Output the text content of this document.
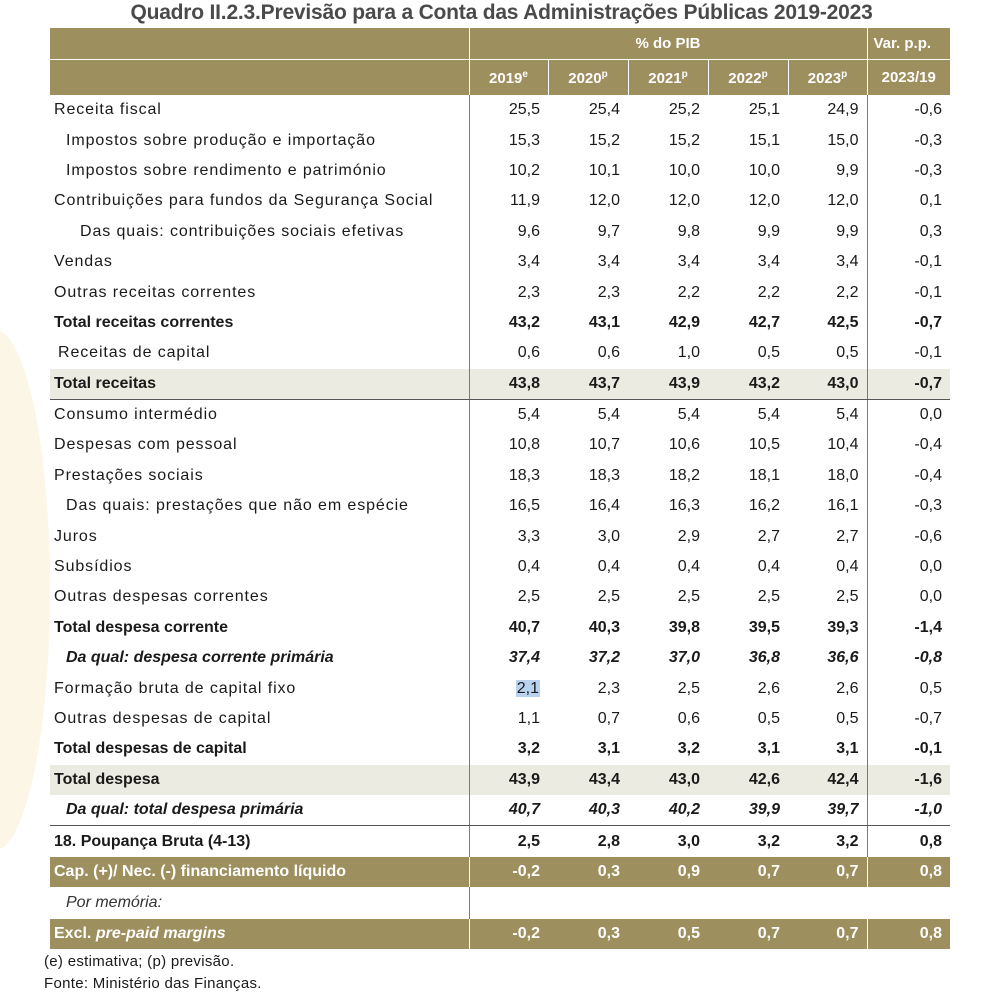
Quadro II.2.3.Previsão para a Conta das Administrações Públicas 2019-2023
	% do PIB					Var. p.p.
	2019e	2020$^p$	2021$^p$	2022$^p$	2023$^p$	2023/19
Receita fiscal	25,5	25,4	25,2	25,1	24,9	-0,6
Impostos sobre produção e importação	15,3	15,2	15,2	15,1	15,0	-0,3
Impostos sobre rendimento e património	10,2	10,1	10,0	10,0	9,9	-0,3
Contribuições para fundos da Segurança Social	11,9	12,0	12,0	12,0	12,0	0,1
Das quais: contribuições sociais efetivas	9,6	9,7	9,8	9,9	9,9	0,3
Vendas	3,4	3,4	3,4	3,4	3,4	-0,1
Outras receitas correntes	2,3	2,3	2,2	2,2	2,2	-0,1
Total receitas correntes	43,2	43,1	42,9	42,7	42,5	-0,7
Receitas de capital	0,6	0,6	1,0	0,5	0,5	-0,1
Total receitas	43,8	43,7	43,9	43,2	43,0	-0,7
Consumo intermédio	5,4	5,4	5,4	5,4	5,4	0,0
Despesas com pessoal	10,8	10,7	10,6	10,5	10,4	-0,4
Prestações sociais	18,3	18,3	18,2	18,1	18,0	-0,4
Das quais: prestações que não em espécie	16,5	16,4	16,3	16,2	16,1	-0,3
Juros	3,3	3,0	2,9	2,7	2,7	-0,6
Subsídios	0,4	0,4	0,4	0,4	0,4	0,0
Outras despesas correntes	2,5	2,5	2,5	2,5	2,5	0,0
Total despesa corrente	40,7	40,3	39,8	39,5	39,3	-1,4
Da qual: despesa corrente primária	37,4	37,2	37,0	36,8	36,6	-0,8
Formação bruta de capital fixo	2,1	2,3	2,5	2,6	2,6	0,5
Outras despesas de capital	1,1	0,7	0,6	0,5	0,5	-0,7
Total despesas de capital	3,2	3,1	3,2	3,1	3,1	-0,1
Total despesa	43,9	43,4	43,0	42,6	42,4	-1,6
Da qual: total despesa primária	40,7	40,3	40,2	39,9	39,7	-1,0
18. Poupança Bruta (4-13)	2,5	2,8	3,0	3,2	3,2	0,8
Cap. (+)/ Nec. (-) financiamento líquido	-0,2	0,3	0,9	0,7	0,7	0,8
Por memória:						
Excl. pre-paid margins	-0,2	0,3	0,5	0,7	0,7	0,8
(e) estimativa; (p) previsão.
Fonte: Ministério das Finanças.
